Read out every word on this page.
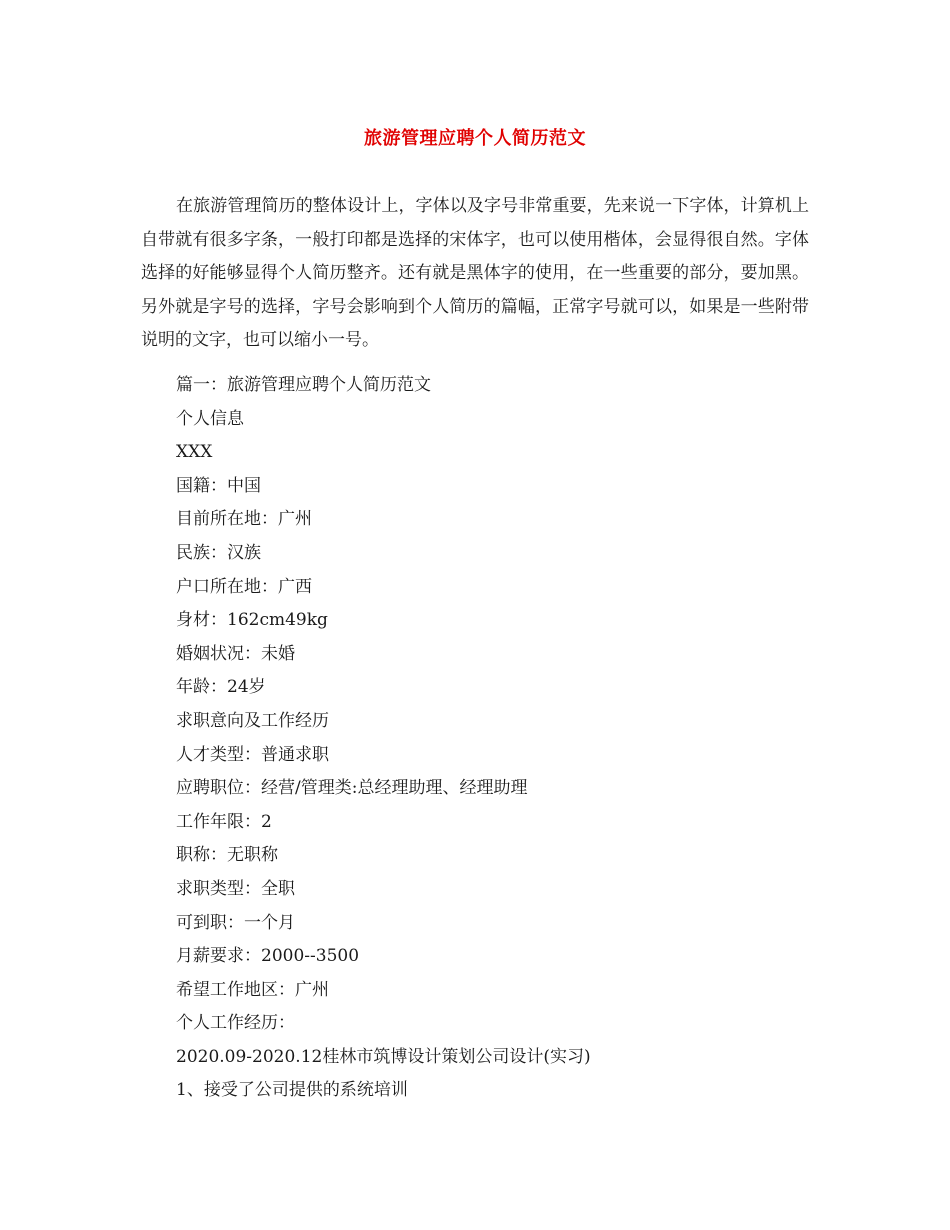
旅游管理应聘个人简历范文

在旅游管理简历的整体设计上，字体以及字号非常重要，先来说一下字体，计算机上自带就有很多字条，一般打印都是选择的宋体字，也可以使用楷体，会显得很自然。字体选择的好能够显得个人简历整齐。还有就是黑体字的使用，在一些重要的部分，要加黑。另外就是字号的选择，字号会影响到个人简历的篇幅，正常字号就可以，如果是一些附带说明的文字，也可以缩小一号。

篇一：旅游管理应聘个人简历范文
个人信息
XXX
国籍：中国
目前所在地：广州
民族：汉族
户口所在地：广西
身材：162cm49kg
婚姻状况：未婚
年龄：24岁
求职意向及工作经历
人才类型：普通求职
应聘职位：经营/管理类:总经理助理、经理助理
工作年限：2
职称：无职称
求职类型：全职
可到职：一个月
月薪要求：2000--3500
希望工作地区：广州
个人工作经历：
2020.09-2020.12桂林市筑博设计策划公司设计(实习)
1、接受了公司提供的系统培训
